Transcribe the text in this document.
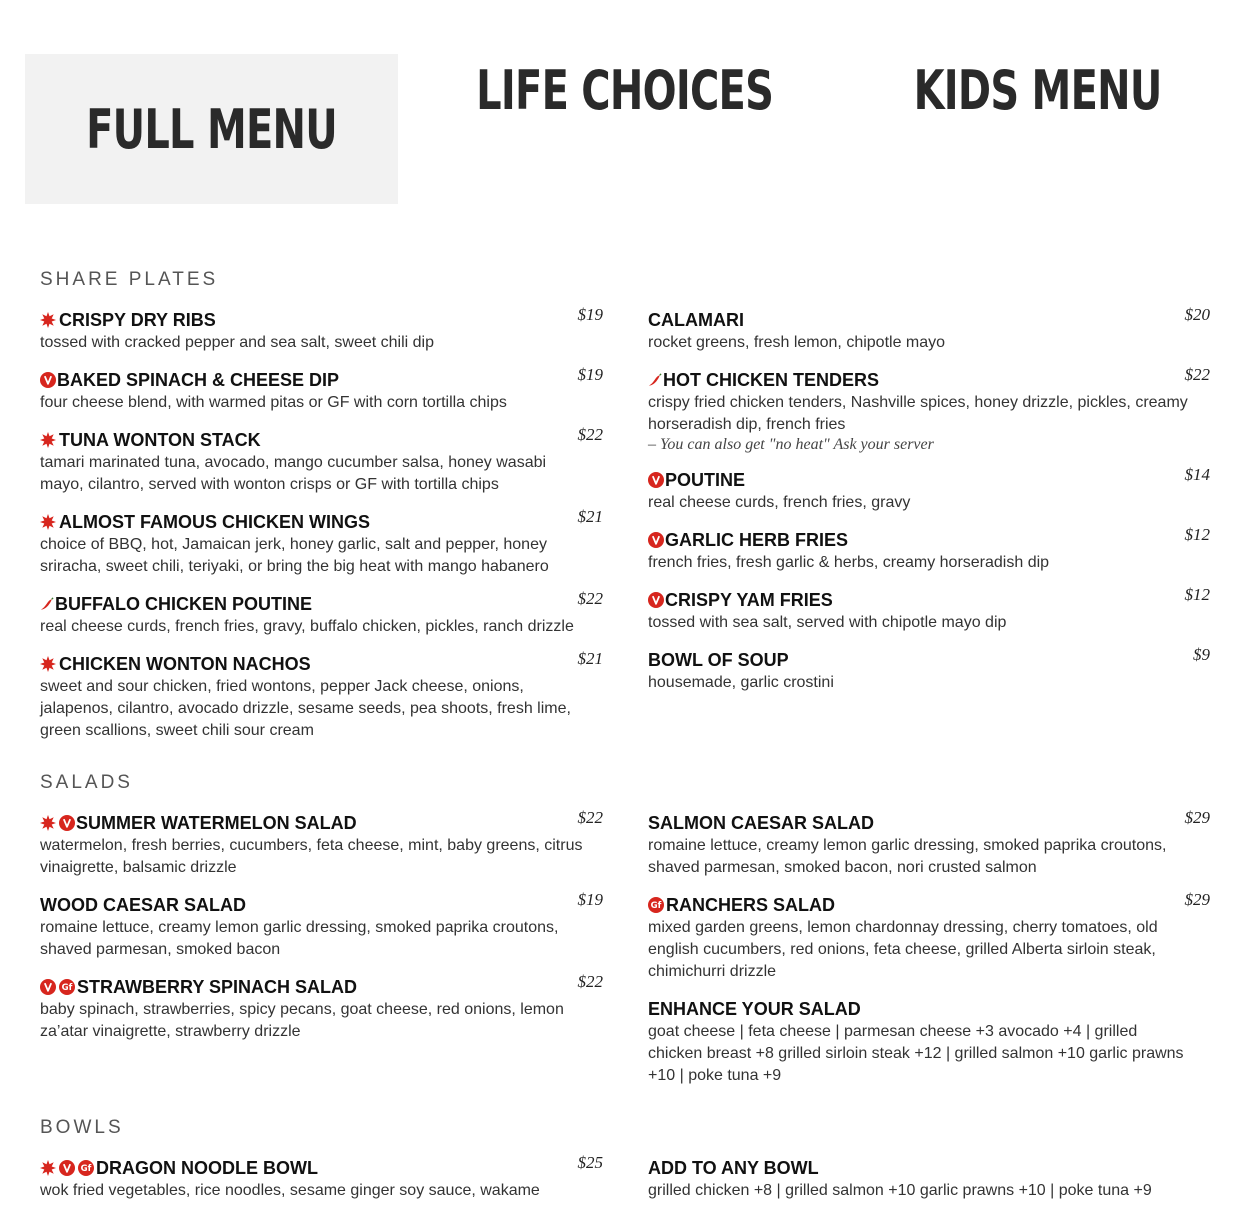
FULL MENU
LIFE CHOICES	KIDS MENU
SHARE PLATES
CRISPY DRY RIBS
tossed with cracked pepper and sea salt, sweet chili dip
$19
BAKED SPINACH & CHEESE DIP
four cheese blend, with warmed pitas or GF with corn tortilla chips
$19
TUNA WONTON STACK
tamari marinated tuna, avocado, mango cucumber salsa, honey wasabi mayo, cilantro, served with wonton crisps or GF with tortilla chips
$22
ALMOST FAMOUS CHICKEN WINGS
choice of BBQ, hot, Jamaican jerk, honey garlic, salt and pepper, honey sriracha, sweet chili, teriyaki, or bring the big heat with mango habanero
$21
BUFFALO CHICKEN POUTINE
real cheese curds, french fries, gravy, buffalo chicken, pickles, ranch drizzle
$22
CHICKEN WONTON NACHOS
sweet and sour chicken, fried wontons, pepper Jack cheese, onions, jalapenos, cilantro, avocado drizzle, sesame seeds, pea shoots, fresh lime, green scallions, sweet chili sour cream
$21
CALAMARI
rocket greens, fresh lemon, chipotle mayo
$20
HOT CHICKEN TENDERS
crispy fried chicken tenders, Nashville spices, honey drizzle, pickles, creamy horseradish dip, french fries
– You can also get "no heat" Ask your server
$22
POUTINE
real cheese curds, french fries, gravy
$14
GARLIC HERB FRIES
french fries, fresh garlic & herbs, creamy horseradish dip
$12
CRISPY YAM FRIES
tossed with sea salt, served with chipotle mayo dip
$12
BOWL OF SOUP
housemade, garlic crostini
$9
SALADS
SUMMER WATERMELON SALAD
watermelon, fresh berries, cucumbers, feta cheese, mint, baby greens, citrus vinaigrette, balsamic drizzle
$22
WOOD CAESAR SALAD
romaine lettuce, creamy lemon garlic dressing, smoked paprika croutons, shaved parmesan, smoked bacon
$19
STRAWBERRY SPINACH SALAD
baby spinach, strawberries, spicy pecans, goat cheese, red onions, lemon za’atar vinaigrette, strawberry drizzle
$22
SALMON CAESAR SALAD
romaine lettuce, creamy lemon garlic dressing, smoked paprika croutons, shaved parmesan, smoked bacon, nori crusted salmon
$29
RANCHERS SALAD
mixed garden greens, lemon chardonnay dressing, cherry tomatoes, old english cucumbers, red onions, feta cheese, grilled Alberta sirloin steak, chimichurri drizzle
$29
ENHANCE YOUR SALAD
goat cheese | feta cheese | parmesan cheese +3 avocado +4 | grilled chicken breast +8 grilled sirloin steak +12 | grilled salmon +10 garlic prawns +10 | poke tuna +9
BOWLS
DRAGON NOODLE BOWL
wok fried vegetables, rice noodles, sesame ginger soy sauce, wakame
$25	ADD TO ANY BOWL
grilled chicken +8 | grilled salmon +10 garlic prawns +10 | poke tuna +9
